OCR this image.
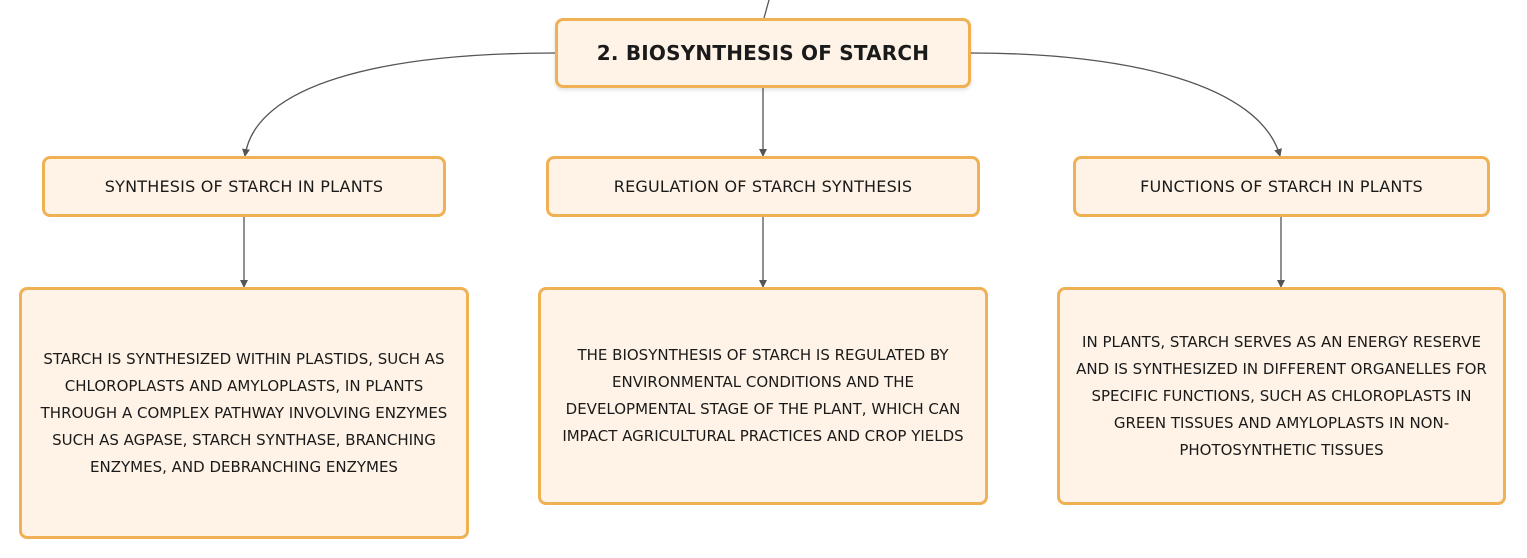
2. BIOSYNTHESIS OF STARCH
SYNTHESIS OF STARCH IN PLANTS	REGULATION OF STARCH SYNTHESIS	FUNCTIONS OF STARCH IN PLANTS
STARCH IS SYNTHESIZED WITHIN PLASTIDS, SUCH AS CHLOROPLASTS AND AMYLOPLASTS, IN PLANTS THROUGH A COMPLEX PATHWAY INVOLVING ENZYMES SUCH AS AGPASE, STARCH SYNTHASE, BRANCHING ENZYMES, AND DEBRANCHING ENZYMES
THE BIOSYNTHESIS OF STARCH IS REGULATED BY ENVIRONMENTAL CONDITIONS AND THE DEVELOPMENTAL STAGE OF THE PLANT, WHICH CAN IMPACT AGRICULTURAL PRACTICES AND CROP YIELDS
IN PLANTS, STARCH SERVES AS AN ENERGY RESERVE AND IS SYNTHESIZED IN DIFFERENT ORGANELLES FOR SPECIFIC FUNCTIONS, SUCH AS CHLOROPLASTS IN GREEN TISSUES AND AMYLOPLASTS IN NON-PHOTOSYNTHETIC TISSUES
